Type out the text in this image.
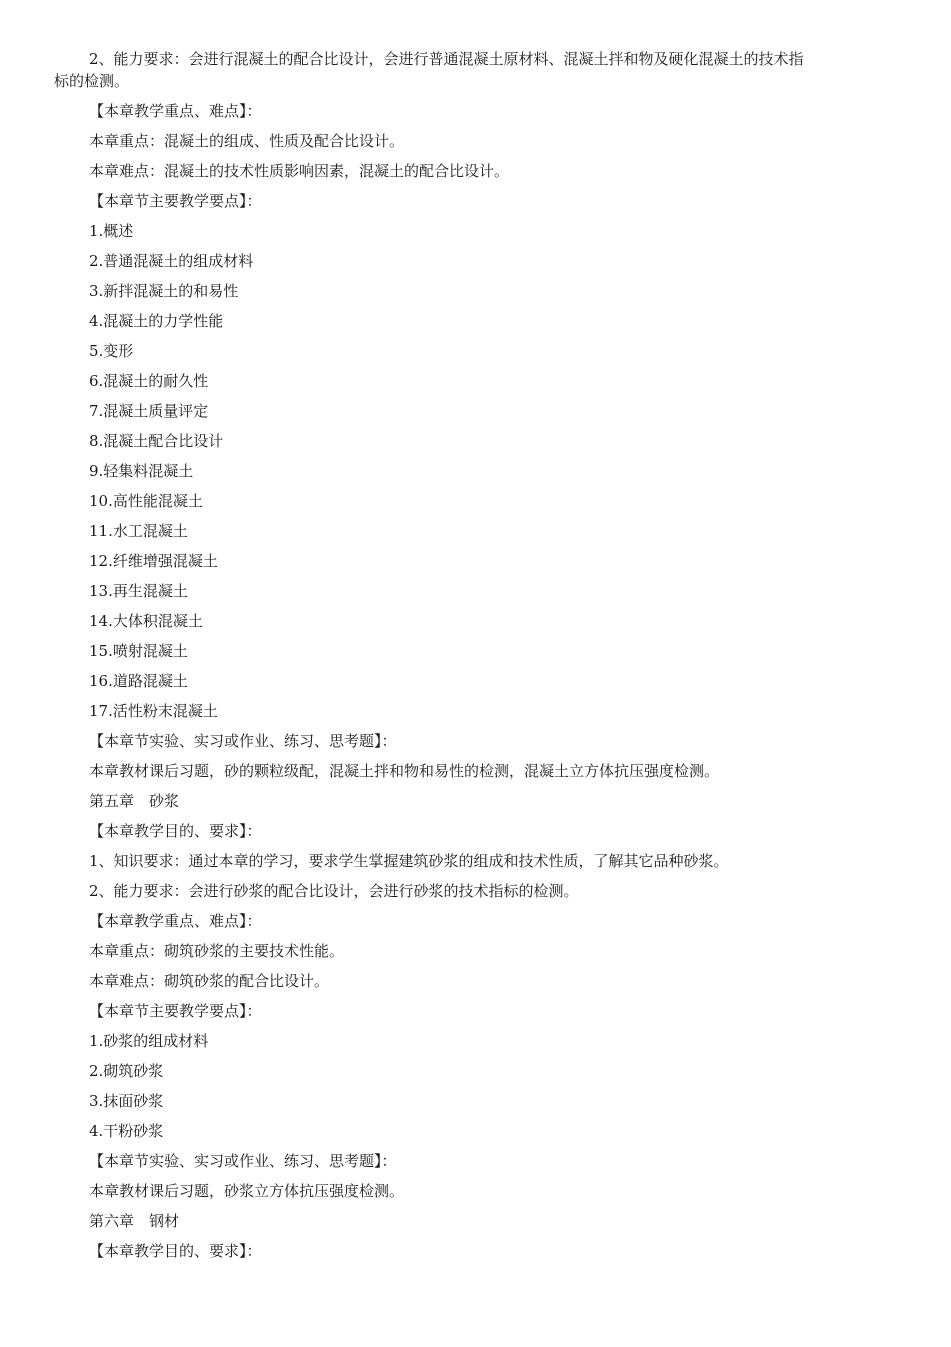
2、能力要求：会进行混凝土的配合比设计，会进行普通混凝土原材料、混凝土拌和物及硬化混凝土的技术指
标的检测。
【本章教学重点、难点】：
本章重点：混凝土的组成、性质及配合比设计。
本章难点：混凝土的技术性质影响因素，混凝土的配合比设计。
【本章节主要教学要点】：
1.概述
2.普通混凝土的组成材料
3.新拌混凝土的和易性
4.混凝土的力学性能
5.变形
6.混凝土的耐久性
7.混凝土质量评定
8.混凝土配合比设计
9.轻集料混凝土
10.高性能混凝土
11.水工混凝土
12.纤维增强混凝土
13.再生混凝土
14.大体积混凝土
15.喷射混凝土
16.道路混凝土
17.活性粉末混凝土
【本章节实验、实习或作业、练习、思考题】：
本章教材课后习题，砂的颗粒级配，混凝土拌和物和易性的检测，混凝土立方体抗压强度检测。
第五章　砂浆
【本章教学目的、要求】：
1、知识要求：通过本章的学习，要求学生掌握建筑砂浆的组成和技术性质，了解其它品种砂浆。
2、能力要求：会进行砂浆的配合比设计，会进行砂浆的技术指标的检测。
【本章教学重点、难点】：
本章重点：砌筑砂浆的主要技术性能。
本章难点：砌筑砂浆的配合比设计。
【本章节主要教学要点】：
1.砂浆的组成材料
2.砌筑砂浆
3.抹面砂浆
4.干粉砂浆
【本章节实验、实习或作业、练习、思考题】：
本章教材课后习题，砂浆立方体抗压强度检测。
第六章　钢材
【本章教学目的、要求】：
